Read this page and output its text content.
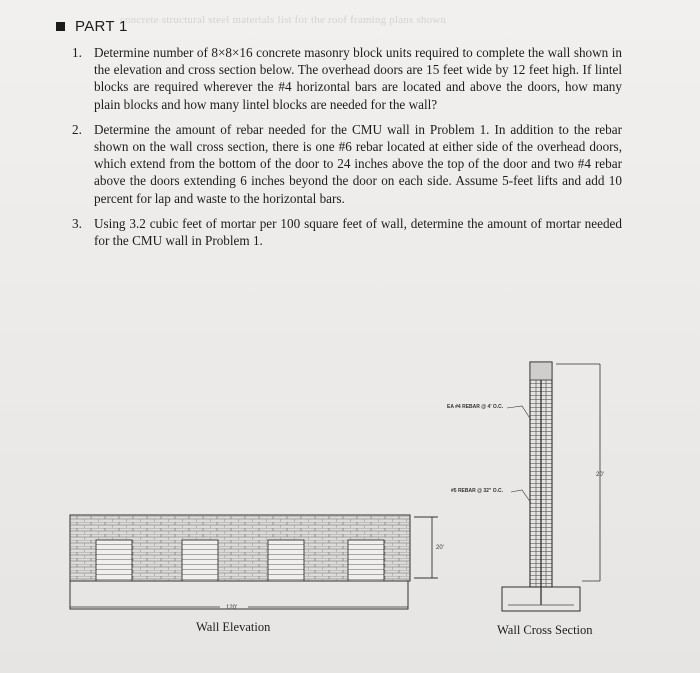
concrete structural steel materials list for the roof framing plans shown
PART 1
1. Determine number of 8×8×16 concrete masonry block units required to complete the wall shown in the elevation and cross section below. The overhead doors are 15 feet wide by 12 feet high. If lintel blocks are required wherever the #4 horizontal bars are located and above the doors, how many plain blocks and how many lintel blocks are needed for the wall?
2. Determine the amount of rebar needed for the CMU wall in Problem 1. In addition to the rebar shown on the wall cross section, there is one #6 rebar located at either side of the overhead doors, which extend from the bottom of the door to 24 inches above the top of the door and two #4 rebar above the doors extending 6 inches beyond the door on each side. Assume 5-feet lifts and add 10 percent for lap and waste to the horizontal bars.
3. Using 3.2 cubic feet of mortar per 100 square feet of wall, determine the amount of mortar needed for the CMU wall in Problem 1.
20'
120'
20'
EA #4 REBAR @ 4' O.C.
#5 REBAR @ 32" O.C.
Wall Elevation	Wall Cross Section
